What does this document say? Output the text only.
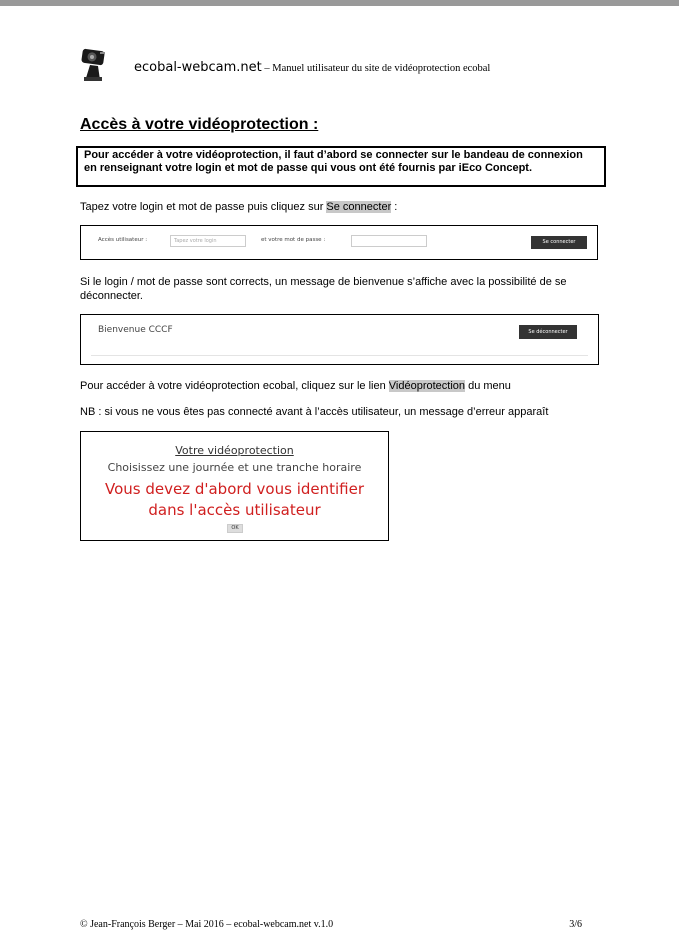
ecobal-webcam.net – Manuel utilisateur du site de vidéoprotection ecobal
Accès à votre vidéoprotection :
Pour accéder à votre vidéoprotection, il faut d’abord se connecter sur le bandeau de connexion en renseignant votre login et mot de passe qui vous ont été fournis par iEco Concept.
Tapez votre login et mot de passe puis cliquez sur Se connecter :
Accès utilisateur :	Tapez votre login	et votre mot de passe :	Se connecter
Si le login / mot de passe sont corrects, un message de bienvenue s’affiche avec la possibilité de se déconnecter.
Bienvenue CCCF	Se déconnecter
Pour accéder à votre vidéoprotection ecobal, cliquez sur le lien Vidéoprotection du menu
NB : si vous ne vous êtes pas connecté avant à l’accès utilisateur, un message d’erreur apparaît
Votre vidéoprotection
Choisissez une journée et une tranche horaire
Vous devez d'abord vous identifier
dans l'accès utilisateur
OK
© Jean-François Berger – Mai 2016 – ecobal-webcam.net v.1.0	3/6
